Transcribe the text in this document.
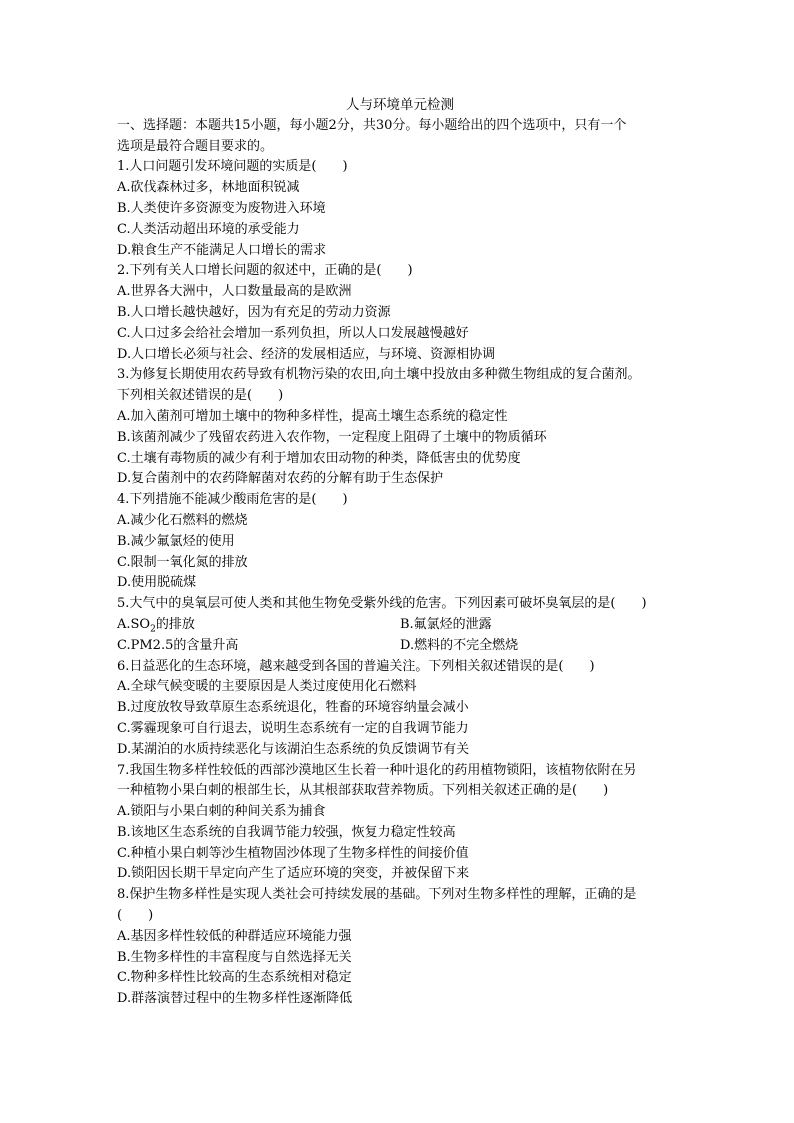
人与环境单元检测
一、选择题：本题共15小题，每小题2分，共30分。每小题给出的四个选项中，只有一个
选项是最符合题目要求的。
1.人口问题引发环境问题的实质是(　　)
A.砍伐森林过多，林地面积锐减
B.人类使许多资源变为废物进入环境
C.人类活动超出环境的承受能力
D.粮食生产不能满足人口增长的需求
2.下列有关人口增长问题的叙述中，正确的是(　　)
A.世界各大洲中，人口数量最高的是欧洲
B.人口增长越快越好，因为有充足的劳动力资源
C.人口过多会给社会增加一系列负担，所以人口发展越慢越好
D.人口增长必须与社会、经济的发展相适应，与环境、资源相协调
3.为修复长期使用农药导致有机物污染的农田,向土壤中投放由多种微生物组成的复合菌剂。
下列相关叙述错误的是(　　)
A.加入菌剂可增加土壤中的物种多样性，提高土壤生态系统的稳定性
B.该菌剂减少了残留农药进入农作物，一定程度上阻碍了土壤中的物质循环
C.土壤有毒物质的减少有利于增加农田动物的种类，降低害虫的优势度
D.复合菌剂中的农药降解菌对农药的分解有助于生态保护
4.下列措施不能减少酸雨危害的是(　　)
A.减少化石燃料的燃烧
B.减少氟氯烃的使用
C.限制一氧化氮的排放
D.使用脱硫煤
5.大气中的臭氧层可使人类和其他生物免受紫外线的危害。下列因素可破坏臭氧层的是(　　)
$A.SO_2$的排放	B.氟氯烃的泄露
C.PM2.5的含量升高	D.燃料的不完全燃烧
6.日益恶化的生态环境，越来越受到各国的普遍关注。下列相关叙述错误的是(　　)
A.全球气候变暖的主要原因是人类过度使用化石燃料
B.过度放牧导致草原生态系统退化，牲畜的环境容纳量会减小
C.雾霾现象可自行退去，说明生态系统有一定的自我调节能力
D.某湖泊的水质持续恶化与该湖泊生态系统的负反馈调节有关
7.我国生物多样性较低的西部沙漠地区生长着一种叶退化的药用植物锁阳，该植物依附在另
一种植物小果白刺的根部生长，从其根部获取营养物质。下列相关叙述正确的是(　　)
A.锁阳与小果白刺的种间关系为捕食
B.该地区生态系统的自我调节能力较强，恢复力稳定性较高
C.种植小果白刺等沙生植物固沙体现了生物多样性的间接价值
D.锁阳因长期干旱定向产生了适应环境的突变，并被保留下来
8.保护生物多样性是实现人类社会可持续发展的基础。下列对生物多样性的理解，正确的是
(　　)
A.基因多样性较低的种群适应环境能力强
B.生物多样性的丰富程度与自然选择无关
C.物种多样性比较高的生态系统相对稳定
D.群落演替过程中的生物多样性逐渐降低
